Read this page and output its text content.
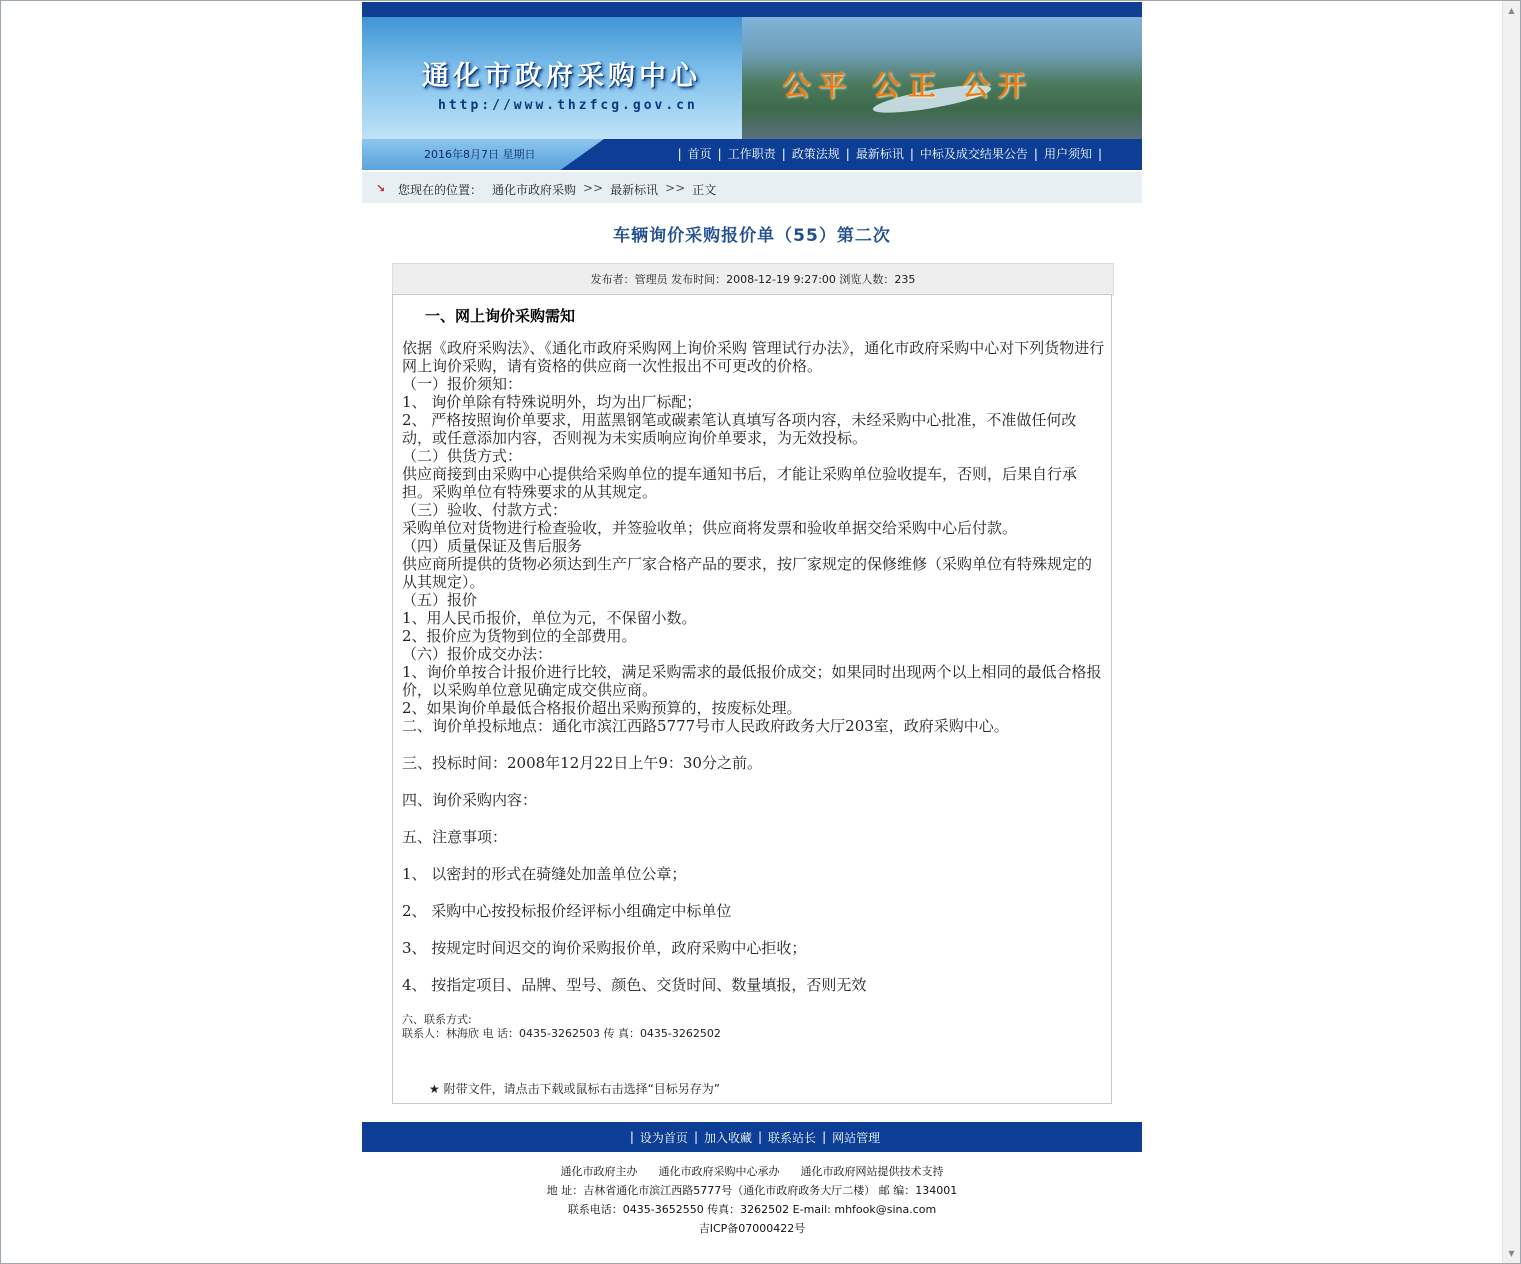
▲
▼
通化市政府采购中心
http://www.thzfcg.gov.cn
公平 公正 公开
2016年8月7日 星期日	| 首页 | 工作职责 | 政策法规 | 最新标讯 | 中标及成交结果公告 | 用户须知 |
↘ 您现在的位置： 通化市政府采购 >> 最新标讯 >> 正文
车辆询价采购报价单（55）第二次
发布者：管理员 发布时间：2008-12-19 9:27:00 浏览人数：235
一、网上询价采购需知

依据《政府采购法》、《通化市政府采购网上询价采购 管理试行办法》，通化市政府采购中心对下列货物进行网上询价采购，请有资格的供应商一次性报出不可更改的价格。

（一）报价须知：

1、 询价单除有特殊说明外，均为出厂标配；

2、 严格按照询价单要求，用蓝黑钢笔或碳素笔认真填写各项内容，未经采购中心批准，不准做任何改动，或任意添加内容，否则视为未实质响应询价单要求，为无效投标。

（二）供货方式：

供应商接到由采购中心提供给采购单位的提车通知书后，才能让采购单位验收提车，否则，后果自行承担。采购单位有特殊要求的从其规定。

（三）验收、付款方式：

采购单位对货物进行检查验收，并签验收单；供应商将发票和验收单据交给采购中心后付款。

（四）质量保证及售后服务

供应商所提供的货物必须达到生产厂家合格产品的要求，按厂家规定的保修维修（采购单位有特殊规定的从其规定）。

（五）报价

1、用人民币报价，单位为元，不保留小数。

2、报价应为货物到位的全部费用。

（六）报价成交办法：

1、询价单按合计报价进行比较，满足采购需求的最低报价成交；如果同时出现两个以上相同的最低合格报价，以采购单位意见确定成交供应商。

2、如果询价单最低合格报价超出采购预算的，按废标处理。

二、询价单投标地点：通化市滨江西路5777号市人民政府政务大厅203室，政府采购中心。

三、投标时间：2008年12月22日上午9：30分之前。

四、询价采购内容：

五、注意事项：

1、 以密封的形式在骑缝处加盖单位公章；

2、 采购中心按投标报价经评标小组确定中标单位

3、 按规定时间迟交的询价采购报价单，政府采购中心拒收；

4、 按指定项目、品牌、型号、颜色、交货时间、数量填报，否则无效

六、联系方式:

联系人：林海欣 电 话：0435-3262503 传 真：0435-3262502

★ 附带文件，请点击下载或鼠标右击选择“目标另存为”
| 设为首页 | 加入收藏 | 联系站长 | 网站管理

通化市政府主办      通化市政府采购中心承办      通化市政府网站提供技术支持

地 址：吉林省通化市滨江西路5777号（通化市政府政务大厅二楼） 邮 编：134001

联系电话：0435-3652550 传真：3262502 E-mail: mhfook@sina.com

吉ICP备07000422号
